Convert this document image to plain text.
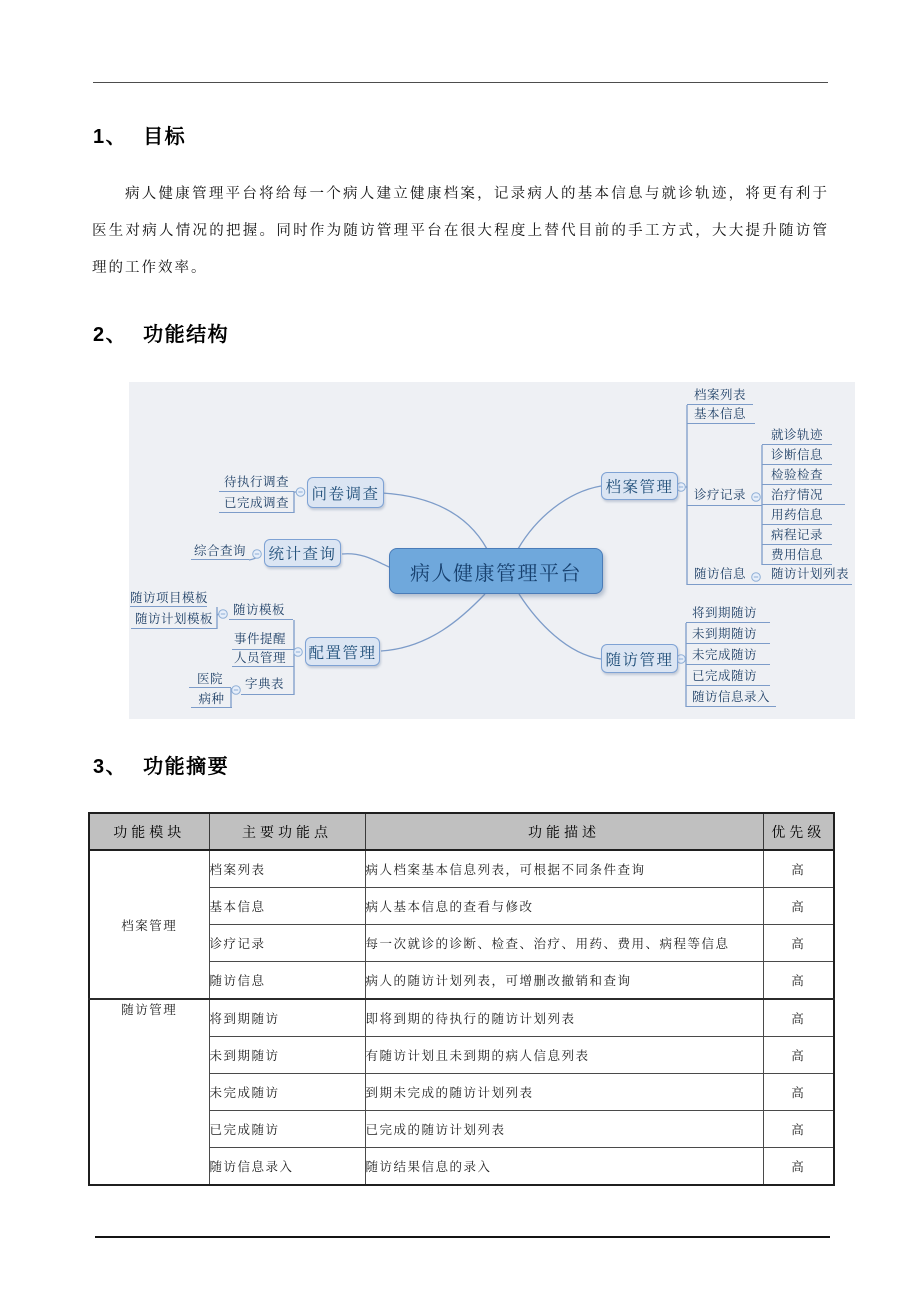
1、 目标
病人健康管理平台将给每一个病人建立健康档案，记录病人的基本信息与就诊轨迹，将更有利于医生对病人情况的把握。同时作为随访管理平台在很大程度上替代目前的手工方式，大大提升随访管理的工作效率。
2、 功能结构
病人健康管理平台
问卷调查
待执行调查
已完成调查
统计查询
综合查询
配置管理
随访模板
随访项目模板
随访计划模板
事件提醒
人员管理
字典表
医院
病种
档案管理
档案列表
基本信息
诊疗记录
就诊轨迹
诊断信息
检验检查
治疗情况
用药信息
病程记录
费用信息
随访信息	随访计划列表
随访管理
将到期随访
未到期随访
未完成随访
已完成随访
随访信息录入
3、 功能摘要
功能模块	主要功能点	功能描述	优先级
档案管理	档案列表	病人档案基本信息列表，可根据不同条件查询	高
	基本信息	病人基本信息的查看与修改	高
	诊疗记录	每一次就诊的诊断、检查、治疗、用药、费用、病程等信息	高
	随访信息	病人的随访计划列表，可增删改撤销和查询	高
随访管理	将到期随访	即将到期的待执行的随访计划列表	高
	未到期随访	有随访计划且未到期的病人信息列表	高
	未完成随访	到期未完成的随访计划列表	高
	已完成随访	已完成的随访计划列表	高
	随访信息录入	随访结果信息的录入	高
